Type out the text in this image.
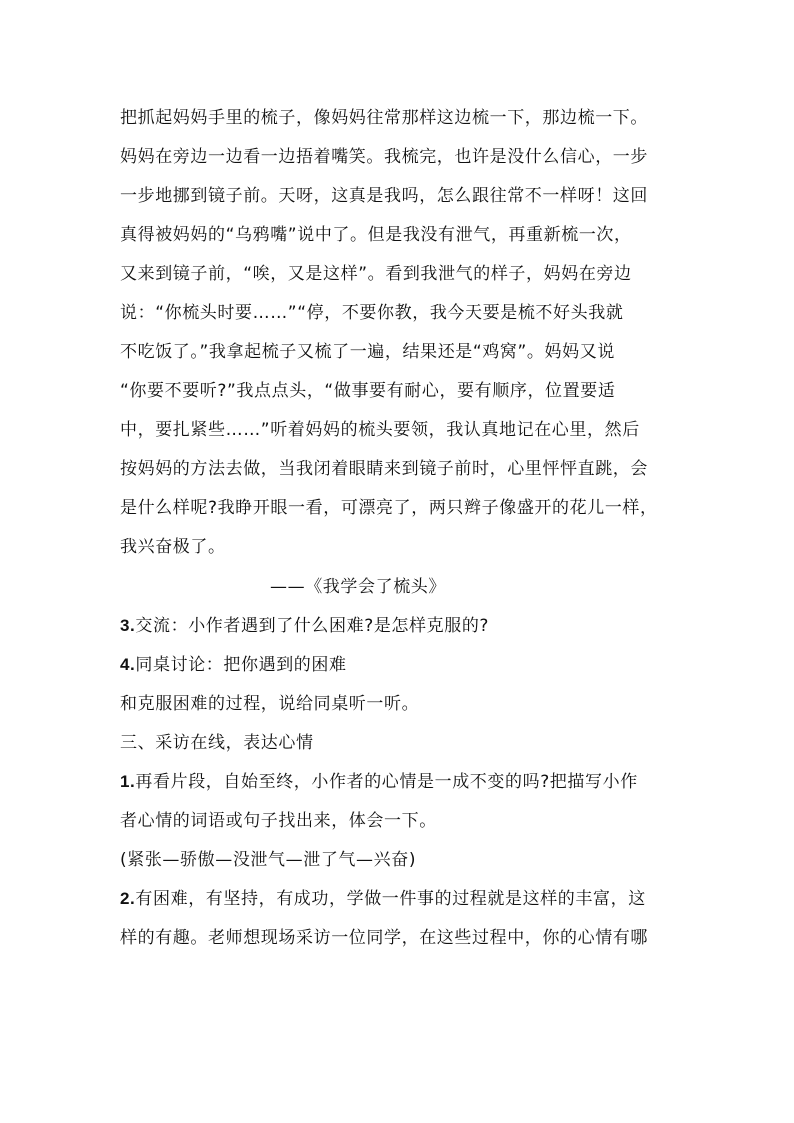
把抓起妈妈手里的梳子，像妈妈往常那样这边梳一下，那边梳一下。
妈妈在旁边一边看一边捂着嘴笑。我梳完，也许是没什么信心，一步
一步地挪到镜子前。天呀，这真是我吗，怎么跟往常不一样呀！这回
真得被妈妈的“乌鸦嘴”说中了。但是我没有泄气，再重新梳一次，
又来到镜子前，“唉，又是这样”。看到我泄气的样子，妈妈在旁边
说：“你梳头时要……”“停，不要你教，我今天要是梳不好头我就
不吃饭了。”我拿起梳子又梳了一遍，结果还是“鸡窝”。妈妈又说
“你要不要听?”我点点头，“做事要有耐心，要有顺序，位置要适
中，要扎紧些……”听着妈妈的梳头要领，我认真地记在心里，然后
按妈妈的方法去做，当我闭着眼睛来到镜子前时，心里怦怦直跳，会
是什么样呢?我睁开眼一看，可漂亮了，两只辫子像盛开的花儿一样，
我兴奋极了。
——《我学会了梳头》
3.交流：小作者遇到了什么困难?是怎样克服的?
4.同桌讨论：把你遇到的困难
和克服困难的过程，说给同桌听一听。
三、采访在线，表达心情
1.再看片段，自始至终，小作者的心情是一成不变的吗?把描写小作
者心情的词语或句子找出来，体会一下。
(紧张—骄傲—没泄气—泄了气—兴奋)
2.有困难，有坚持，有成功，学做一件事的过程就是这样的丰富，这
样的有趣。老师想现场采访一位同学，在这些过程中，你的心情有哪
